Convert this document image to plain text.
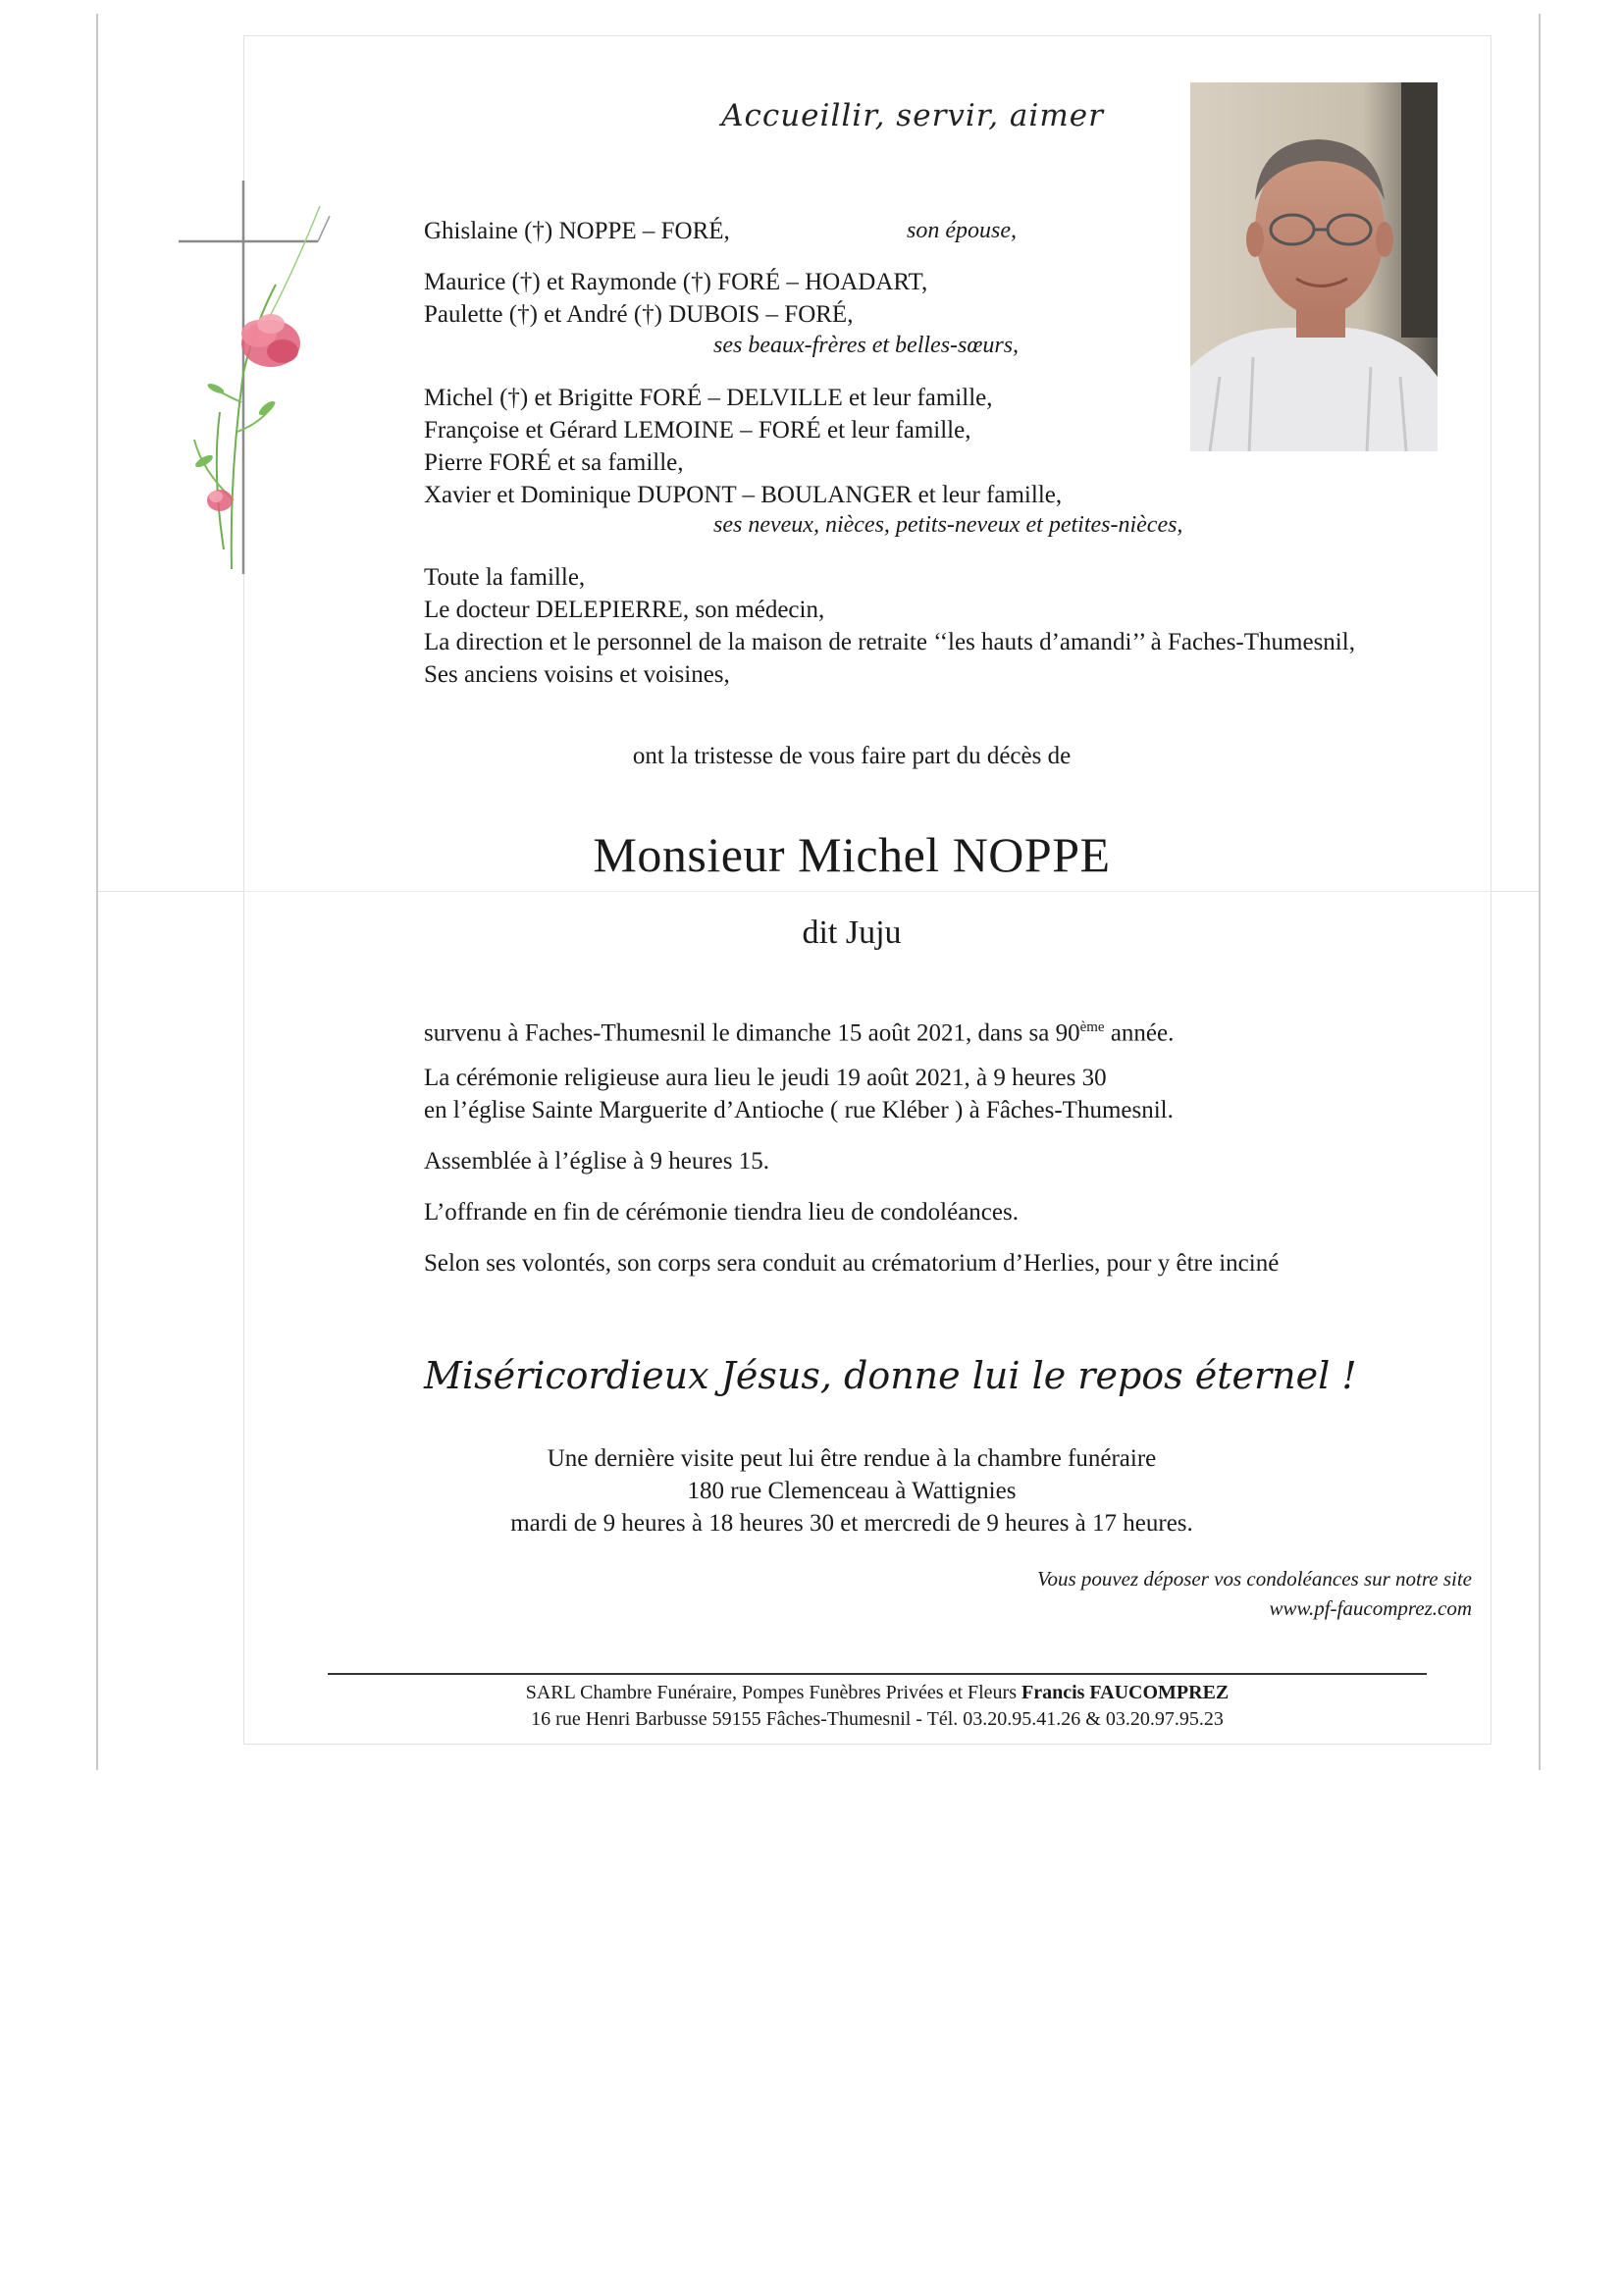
Accueillir, servir, aimer
Ghislaine (†) NOPPE – FORÉ,	son épouse,
Maurice (†) et Raymonde (†) FORÉ – HOADART,
Paulette (†) et André (†) DUBOIS – FORÉ,
ses beaux-frères et belles-sœurs,
Michel (†) et Brigitte FORÉ – DELVILLE et leur famille,
Françoise et Gérard LEMOINE – FORÉ et leur famille,
Pierre FORÉ et sa famille,
Xavier et Dominique DUPONT – BOULANGER et leur famille,
ses neveux, nièces, petits-neveux et petites-nièces,
Toute la famille,
Le docteur DELEPIERRE, son médecin,
La direction et le personnel de la maison de retraite ‘‘les hauts d’amandi’’ à Faches-Thumesnil,
Ses anciens voisins et voisines,
ont la tristesse de vous faire part du décès de
Monsieur Michel NOPPE
dit Juju
survenu à Faches-Thumesnil le dimanche 15 août 2021, dans sa 90ème année.
La cérémonie religieuse aura lieu le jeudi 19 août 2021, à 9 heures 30
en l’église Sainte Marguerite d’Antioche ( rue Kléber ) à Fâches-Thumesnil.
Assemblée à l’église à 9 heures 15.
L’offrande en fin de cérémonie tiendra lieu de condoléances.
Selon ses volontés, son corps sera conduit au crématorium d’Herlies, pour y être inciné
Miséricordieux Jésus, donne lui le repos éternel !
Une dernière visite peut lui être rendue à la chambre funéraire
180 rue Clemenceau à Wattignies
mardi de 9 heures à 18 heures 30 et mercredi de 9 heures à 17 heures.
Vous pouvez déposer vos condoléances sur notre site
www.pf-faucomprez.com
SARL Chambre Funéraire, Pompes Funèbres Privées et Fleurs Francis FAUCOMPREZ
16 rue Henri Barbusse 59155 Fâches-Thumesnil - Tél. 03.20.95.41.26 & 03.20.97.95.23
